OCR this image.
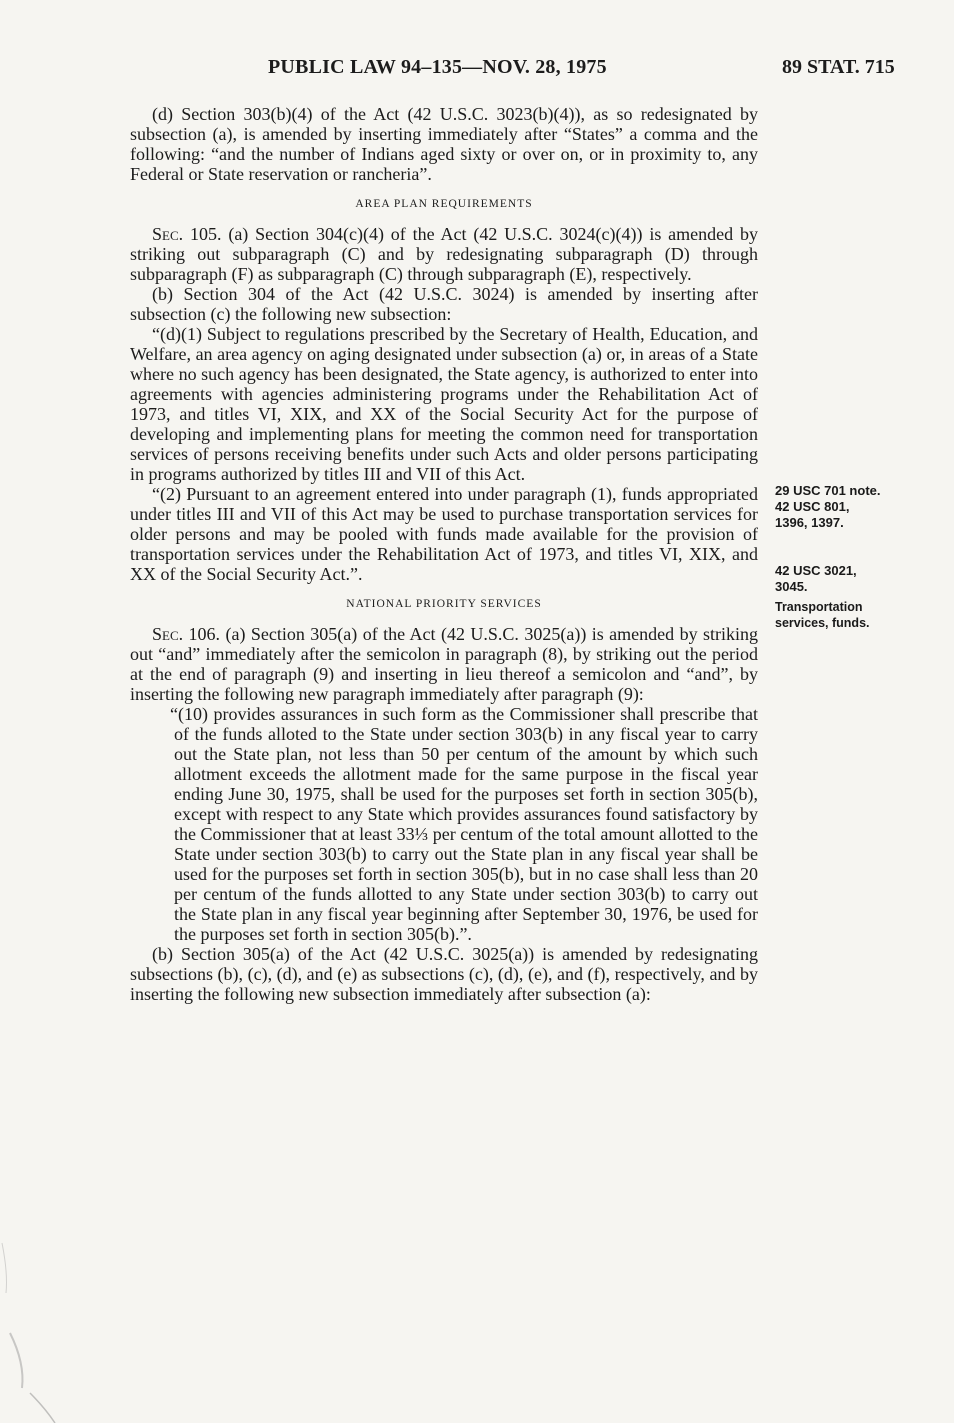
PUBLIC LAW 94–135—NOV. 28, 1975	89 STAT. 715

(d) Section 303(b)(4) of the Act (42 U.S.C. 3023(b)(4)), as so redesignated by subsection (a), is amended by inserting immediately after “States” a comma and the following: “and the number of Indians aged sixty or over on, or in proximity to, any Federal or State reservation or rancheria”.

AREA PLAN REQUIREMENTS

Sec. 105. (a) Section 304(c)(4) of the Act (42 U.S.C. 3024(c)(4)) is amended by striking out subparagraph (C) and by redesignating subparagraph (D) through subparagraph (F) as subparagraph (C) through subparagraph (E), respectively.

(b) Section 304 of the Act (42 U.S.C. 3024) is amended by inserting after subsection (c) the following new subsection:

“(d)(1) Subject to regulations prescribed by the Secretary of Health, Education, and Welfare, an area agency on aging designated under subsection (a) or, in areas of a State where no such agency has been designated, the State agency, is authorized to enter into agreements with agencies administering programs under the Rehabilitation Act of 1973, and titles VI, XIX, and XX of the Social Security Act for the purpose of developing and implementing plans for meeting the common need for transportation services of persons receiving benefits under such Acts and older persons participating in programs authorized by titles III and VII of this Act.

“(2) Pursuant to an agreement entered into under paragraph (1), funds appropriated under titles III and VII of this Act may be used to purchase transportation services for older persons and may be pooled with funds made available for the provision of transportation services under the Rehabilitation Act of 1973, and titles VI, XIX, and XX of the Social Security Act.”.

NATIONAL PRIORITY SERVICES

Sec. 106. (a) Section 305(a) of the Act (42 U.S.C. 3025(a)) is amended by striking out “and” immediately after the semicolon in paragraph (8), by striking out the period at the end of paragraph (9) and inserting in lieu thereof a semicolon and “and”, by inserting the following new paragraph immediately after paragraph (9):

“(10) provides assurances in such form as the Commissioner shall prescribe that of the funds alloted to the State under section 303(b) in any fiscal year to carry out the State plan, not less than 50 per centum of the amount by which such allotment exceeds the allotment made for the same purpose in the fiscal year ending June 30, 1975, shall be used for the purposes set forth in section 305(b), except with respect to any State which provides assurances found satisfactory by the Commissioner that at least 33⅓ per centum of the total amount allotted to the State under section 303(b) to carry out the State plan in any fiscal year shall be used for the purposes set forth in section 305(b), but in no case shall less than 20 per centum of the funds allotted to any State under section 303(b) to carry out the State plan in any fiscal year beginning after September 30, 1976, be used for the purposes set forth in section 305(b).”.

(b) Section 305(a) of the Act (42 U.S.C. 3025(a)) is amended by redesignating subsections (b), (c), (d), and (e) as subsections (c), (d), (e), and (f), respectively, and by inserting the following new subsection immediately after subsection (a):

29 USC 701 note.
42 USC 801,
1396, 1397.
42 USC 3021,
3045.
Transportation
services, funds.
